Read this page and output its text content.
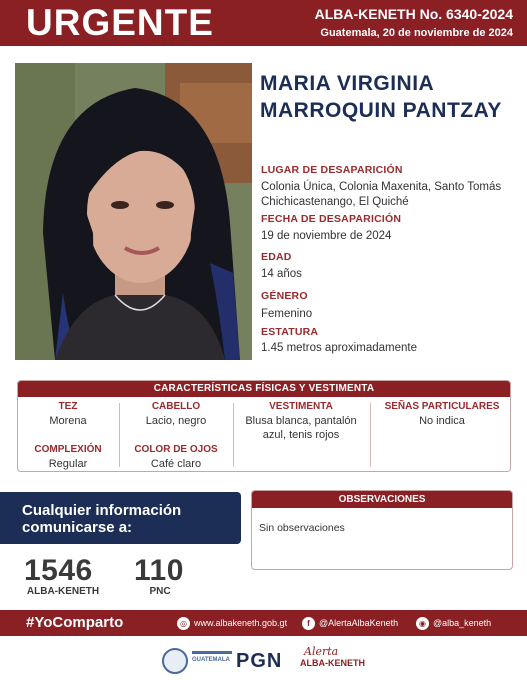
URGENTE	ALBA-KENETH No. 6340-2024
Guatemala, 20 de noviembre de 2024
MARIA VIRGINIA MARROQUIN PANTZAY
LUGAR DE DESAPARICIÓN
Colonia Única, Colonia Maxenita, Santo Tomás Chichicastenango, El Quiché
FECHA DE DESAPARICIÓN
19 de noviembre de 2024
EDAD
14 años
GÉNERO
Femenino
ESTATURA
1.45 metros aproximadamente
CARACTERÍSTICAS FÍSICAS Y VESTIMENTA
TEZ
Morena
COMPLEXIÓN
Regular
CABELLO
Lacio, negro
COLOR DE OJOS
Café claro
VESTIMENTA
Blusa blanca, pantalón azul, tenis rojos
SEÑAS PARTICULARES
No indica
Cualquier información comunicarse a:
1546
ALBA-KENETH
110
PNC
OBSERVACIONES
Sin observaciones
#YoComparto	◎ www.albakeneth.gob.gt	f	@AlertaAlbaKeneth	◉ @alba_keneth
GUATEMALA PGN Alerta
ALBA-KENETH
